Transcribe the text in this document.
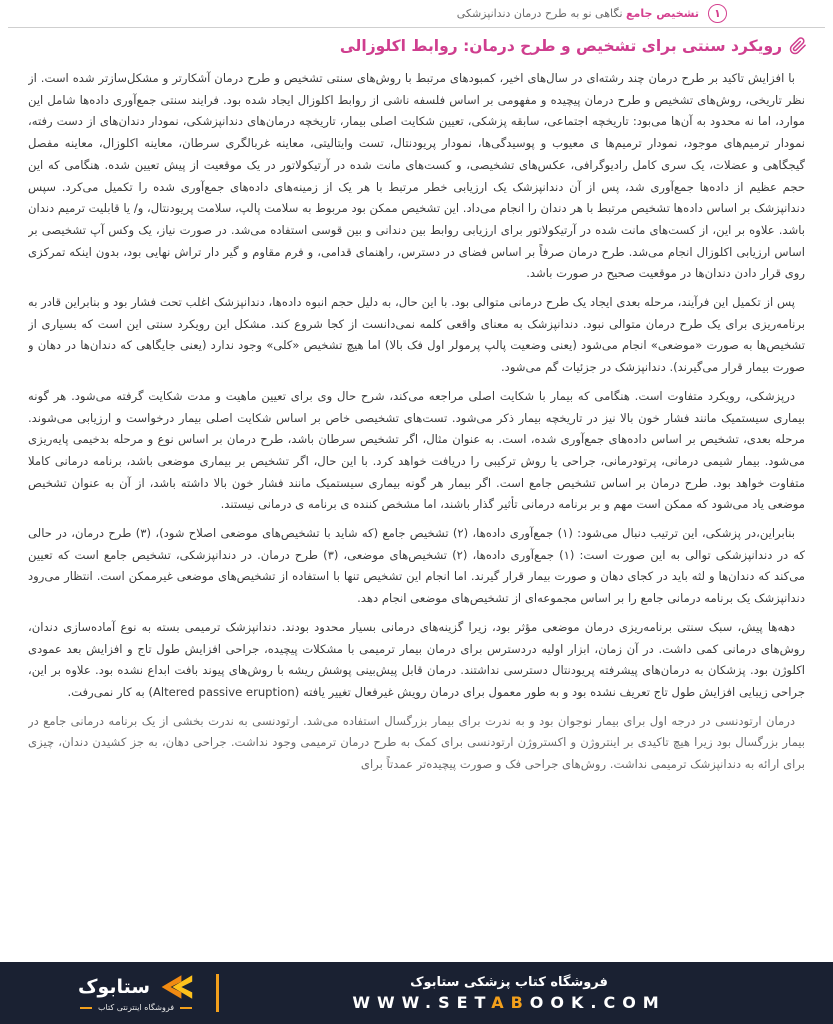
۱
تشخیص جامع نگاهی نو به طرح درمان دندانپزشکی
رویکرد سنتی برای تشخیص و طرح درمان: روابط اکلوزالی

با افزایش تاکید بر طرح درمان چند رشته‌ای در سال‌های اخیر، کمبودهای مرتبط با روش‌های سنتی تشخیص و طرح درمان آشکارتر و مشکل‌سازتر شده است. از نظر تاریخی، روش‌های تشخیص و طرح درمان پیچیده و مفهومی بر اساس فلسفه ناشی از روابط اکلوزال ایجاد شده بود. فرایند سنتی جمع‌آوری داده‌ها شامل این موارد، اما نه محدود به آن‌ها می‌بود: تاریخچه اجتماعی، سابقه پزشکی، تعیین شکایت اصلی بیمار، تاریخچه درمان‌های دندانپزشکی، نمودار دندان‌های از دست رفته، نمودار ترمیم‌های موجود، نمودار ترمیم‌ها ی معیوب و پوسیدگی‌ها، نمودار پریودنتال، تست وایتالیتی، معاینه غربالگری سرطان، معاینه اکلوزال، معاینه مفصل گیجگاهی و عضلات، یک سری کامل رادیوگرافی، عکس‌های تشخیصی، و کست‌های مانت شده در آرتیکولاتور در یک موقعیت از پیش تعیین شده. هنگامی که این حجم عظیم از داده‌ها جمع‌آوری شد، پس از آن دندانپزشک یک ارزیابی خطر مرتبط با هر یک از زمینه‌های داده‌های جمع‌آوری شده را تکمیل می‌کرد. سپس دندانپزشک بر اساس داده‌ها تشخیص مرتبط با هر دندان را انجام می‌داد. این تشخیص ممکن بود مربوط به سلامت پالپ، سلامت پریودنتال، و/ یا قابلیت ترمیم دندان باشد. علاوه بر این، از کست‌های مانت شده در آرتیکولاتور برای ارزیابی روابط بین دندانی و بین قوسی استفاده می‌شد. در صورت نیاز، یک وکس آپ تشخیصی بر اساس ارزیابی اکلوزال انجام می‌شد. طرح درمان صرفاً بر اساس فضای در دسترس، راهنمای قدامی، و فرم مقاوم و گیر دار تراش نهایی بود، بدون اینکه تمرکزی روی قرار دادن دندان‌ها در موقعیت صحیح در صورت باشد.

پس از تکمیل این فرآیند، مرحله بعدی ایجاد یک طرح درمانی متوالی بود. با این حال، به دلیل حجم انبوه داده‌ها، دندانپزشک اغلب تحت فشار بود و بنابراین قادر به برنامه‌ریزی برای یک طرح درمان متوالی نبود. دندانپزشک به معنای واقعی کلمه نمی‌دانست از کجا شروع کند. مشکل این رویکرد سنتی این است که بسیاری از تشخیص‌ها به صورت «موضعی» انجام می‌شود (یعنی وضعیت پالپ پرمولر اول فک بالا) اما هیچ تشخیص «کلی» وجود ندارد (یعنی جایگاهی که دندان‌ها در دهان و صورت بیمار قرار می‌گیرند). دندانپزشک در جزئیات گم می‌شود.

درپزشکی، رویکرد متفاوت است. هنگامی که بیمار با شکایت اصلی مراجعه می‌کند، شرح حال وی برای تعیین ماهیت و مدت شکایت گرفته می‌شود. هر گونه بیماری سیستمیک مانند فشار خون بالا نیز در تاریخچه بیمار ذکر می‌شود. تست‌های تشخیصی خاص بر اساس شکایت اصلی بیمار درخواست و ارزیابی می‌شوند. مرحله بعدی، تشخیص بر اساس داده‌های جمع‌آوری شده، است. به عنوان مثال، اگر تشخیص سرطان باشد، طرح درمان بر اساس نوع و مرحله بدخیمی پایه‌ریزی می‌شود. بیمار شیمی درمانی، پرتودرمانی، جراحی یا روش ترکیبی را دریافت خواهد کرد. با این حال، اگر تشخیص بر بیماری موضعی باشد، برنامه درمانی کاملا متفاوت خواهد بود. طرح درمان بر اساس تشخیص جامع است. اگر بیمار هر گونه بیماری سیستمیک مانند فشار خون بالا داشته باشد، از آن به عنوان تشخیص موضعی یاد می‌شود که ممکن است مهم و بر برنامه درمانی تأثیر گذار باشند، اما مشخص کننده ی برنامه ی درمانی نیستند.

بنابراین،در پزشکی، این ترتیب دنبال می‌شود: (۱) جمع‌آوری داده‌ها، (۲) تشخیص جامع (که شاید با تشخیص‌های موضعی اصلاح شود)، (۳) طرح درمان، در حالی که در دندانپزشکی توالی به این صورت است: (۱) جمع‌آوری داده‌ها، (۲) تشخیص‌های موضعی، (۳) طرح درمان. در دندانپزشکی، تشخیص جامع است که تعیین می‌کند که دندان‌ها و لثه باید در کجای دهان و صورت بیمار قرار گیرند. اما انجام این تشخیص تنها با استفاده از تشخیص‌های موضعی غیرممکن است. انتظار می‌رود دندانپزشک یک برنامه درمانی جامع را بر اساس مجموعه‌ای از تشخیص‌های موضعی انجام دهد.

دهه‌ها پیش، سبک سنتی برنامه‌ریزی درمان موضعی مؤثر بود، زیرا گزینه‌های درمانی بسیار محدود بودند. دندانپزشک ترمیمی بسته به نوع آماده‌سازی دندان، روش‌های درمانی کمی داشت. در آن زمان، ابزار اولیه دردسترس برای درمان بیمار ترمیمی با مشکلات پیچیده، جراحی افزایش طول تاج و افزایش بعد عمودی اکلوژن بود. پزشکان به درمان‌های پیشرفته پریودنتال دسترسی نداشتند. درمان قابل پیش‌بینی پوشش ریشه با روش‌های پیوند بافت ابداع نشده بود. علاوه بر این، جراحی زیبایی افزایش طول تاج تعریف نشده بود و به طور معمول برای درمان رویش غیرفعال تغییر یافته (Altered passive eruption) به کار نمی‌رفت.

درمان ارتودنسی در درجه اول برای بیمار نوجوان بود و به ندرت برای بیمار بزرگسال استفاده می‌شد. ارتودنسی به ندرت بخشی از یک برنامه درمانی جامع در بیمار بزرگسال بود زیرا هیچ تاکیدی بر اینتروژن و اکستروژن ارتودنسی برای کمک به طرح درمان ترمیمی وجود نداشت. جراحی دهان، به جز کشیدن دندان، چیزی برای ارائه به دندانپزشک ترمیمی نداشت. روش‌های جراحی فک و صورت پیچیده‌تر عمدتاً برای

ستابوک
فروشگاه اینترنتی کتاب
فروشگاه کتاب پزشکی ستابوک
WWW.SETABOOK.COM
